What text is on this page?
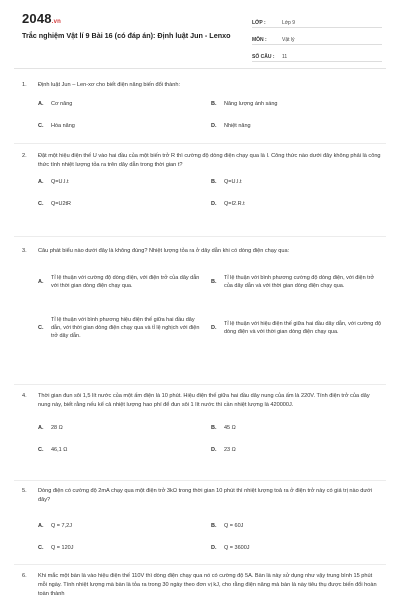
2048.vn
Trắc nghiệm Vật lí 9 Bài 16 (có đáp án): Định luật Jun - Lenxo
LỚP :	Lớp 9
MÔN :	Vật lý
SỐ CÂU :	11
1.	Định luật Jun – Len-xơ cho biết điện năng biến đổi thành:
A.	Cơ năng	B.	Năng lượng ánh sáng
C.	Hóa năng	D.	Nhiệt năng
2.	Đặt một hiệu điện thế U vào hai đầu của một biến trở R thì cường độ dòng điện chạy qua là I. Công thức nào dưới đây không phải là công thức tính nhiệt lượng tỏa ra trên dây dẫn trong thời gian t?
A.	Q=U.I.t	B.	Q=U.I.t
C.	Q=U2tR	D.	Q=I2.R.t
3.	Câu phát biểu nào dưới đây là không đúng? Nhiệt lượng tỏa ra ở dây dẫn khi có dòng điện chạy qua:
A.
Tỉ lệ thuận với cường độ dòng điện, với điện trở của dây dẫn với thời gian dòng điện chạy qua.
B.
Tỉ lệ thuận với bình phương cường độ dòng điện, với điện trở của dây dẫn và với thời gian dòng điện chạy qua.
C.
Tỉ lệ thuận với bình phương hiệu điện thế giữa hai đầu dây dẫn, với thời gian dòng điện chạy qua và tỉ lệ nghịch với điện trở dây dẫn.
D.
Tỉ lệ thuận với hiệu điện thế giữa hai đầu dây dẫn, với cường độ dòng điện và với thời gian dòng điện chạy qua.
4.	Thời gian đun sôi 1,5 lít nước của một ấm điện là 10 phút. Hiệu điện thế giữa hai đầu dây nung của ấm là 220V. Tính điện trở của dây nung này, biết rằng nếu kể cả nhiệt lượng hao phí để đun sôi 1 lít nước thì cần nhiệt lượng là 420000J.
A.	28 Ω	B.	45 Ω
C.	46,1 Ω	D.	23 Ω
5.	Dòng điện có cường độ 2mA chạy qua một điện trở 3kΩ trong thời gian 10 phút thì nhiệt lượng toả ra ở điện trở này có giá trị nào dưới đây?
A.	Q = 7,2J	B.	Q = 60J
C.	Q = 120J	D.	Q = 3600J
6.	Khi mắc một bàn là vào hiệu điện thế 110V thì dòng điện chạy qua nó có cường độ 5A. Bàn là này sử dụng như vậy trung bình 15 phút mỗi ngày. Tính nhiệt lượng mà bàn là tỏa ra trong 30 ngày theo đơn vị kJ, cho rằng điện năng mà bàn là này tiêu thụ được biến đổi hoàn toàn thành
